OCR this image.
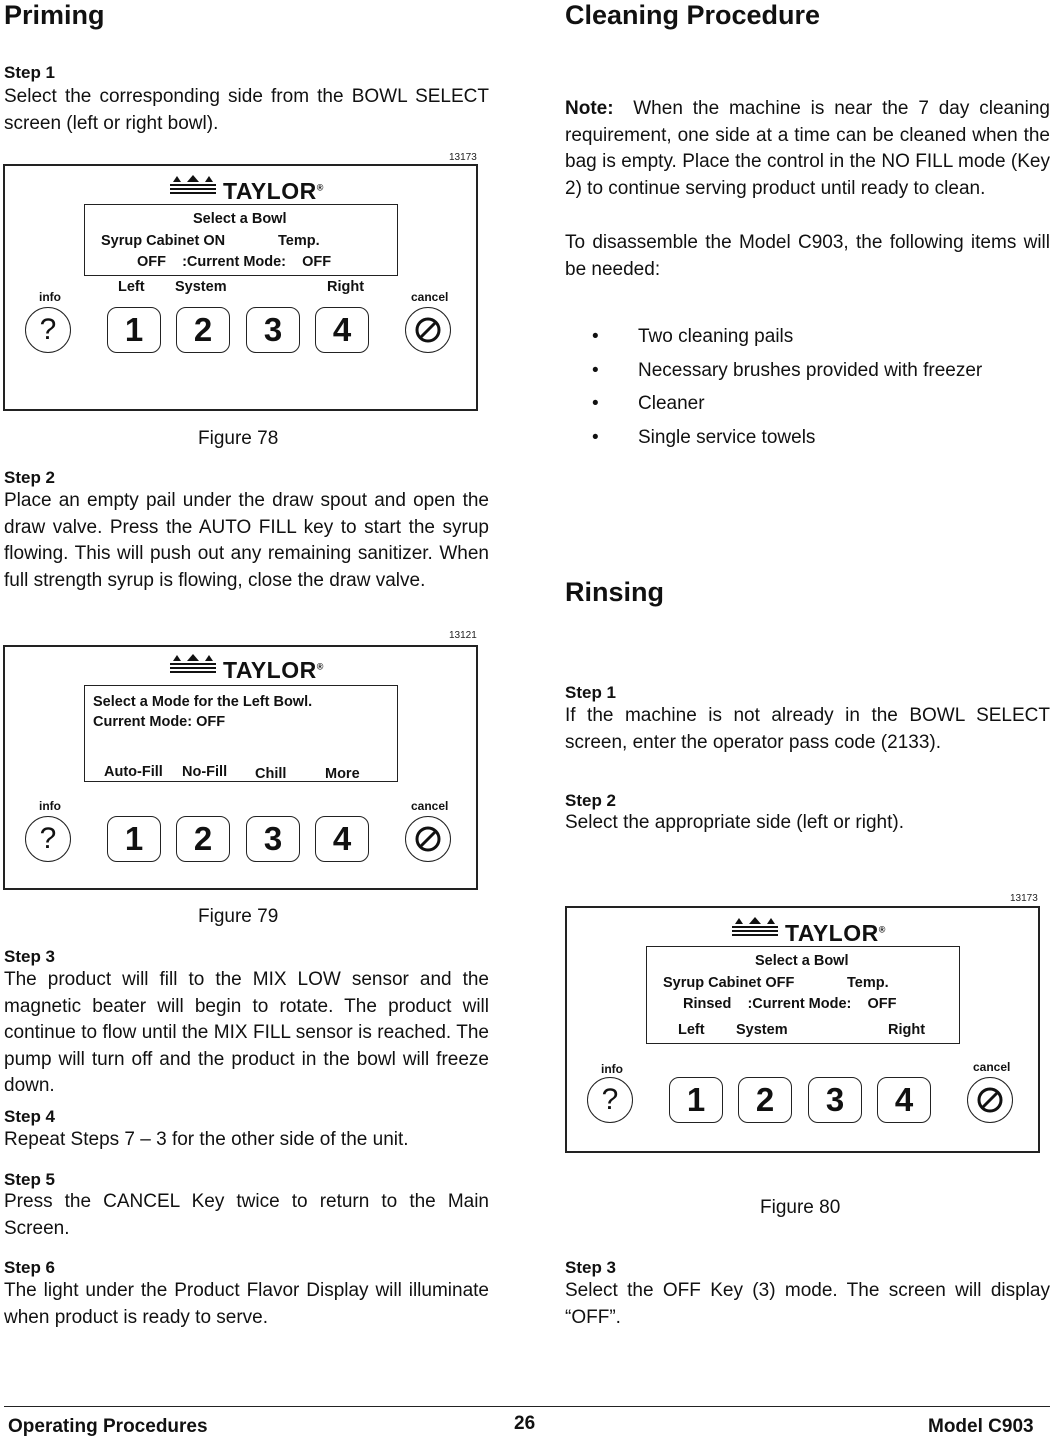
Priming
Step 1
Select the corresponding side from the BOWL SELECT screen (left or right bowl).
13173
TAYLOR®
Select a Bowl
Syrup Cabinet ON	Temp.
OFF    :Current Mode:    OFF
Left System	Right
info	cancel
?	1	2	3	4
Figure 78
Step 2
Place an empty pail under the draw spout and open the draw valve. Press the AUTO FILL key to start the syrup flowing. This will push out any remaining sanitizer. When full strength syrup is flowing, close the draw valve.
13121
TAYLOR®
Select a Mode for the Left Bowl.
Current Mode: OFF
Auto-Fill No-Fill Chill	More
info	cancel
?	1	2	3	4
Figure 79
Step 3
The product will fill to the MIX LOW sensor and the magnetic beater will begin to rotate. The product will continue to flow until the MIX FILL sensor is reached. The pump will turn off and the product in the bowl will freeze down.
Step 4
Repeat Steps 7 – 3 for the other side of the unit.
Step 5
Press the CANCEL Key twice to return to the Main Screen.
Step 6
The light under the Product Flavor Display will illuminate when product is ready to serve.
Cleaning Procedure
Note: When the machine is near the 7 day cleaning requirement, one side at a time can be cleaned when the bag is empty. Place the control in the NO FILL mode (Key 2) to continue serving product until ready to clean.
To disassemble the Model C903, the following items will be needed:
• Two cleaning pails
• Necessary brushes provided with freezer
• Cleaner
• Single service towels
Rinsing
Step 1
If the machine is not already in the BOWL SELECT screen, enter the operator pass code (2133).
Step 2
Select the appropriate side (left or right).
13173
TAYLOR®
Select a Bowl
Syrup Cabinet OFF	Temp.
Rinsed    :Current Mode:    OFF
Left System	Right
info	cancel
?	1	2	3	4
Figure 80
Step 3
Select the OFF Key (3) mode. The screen will display “OFF”.
Operating Procedures	26	Model C903
